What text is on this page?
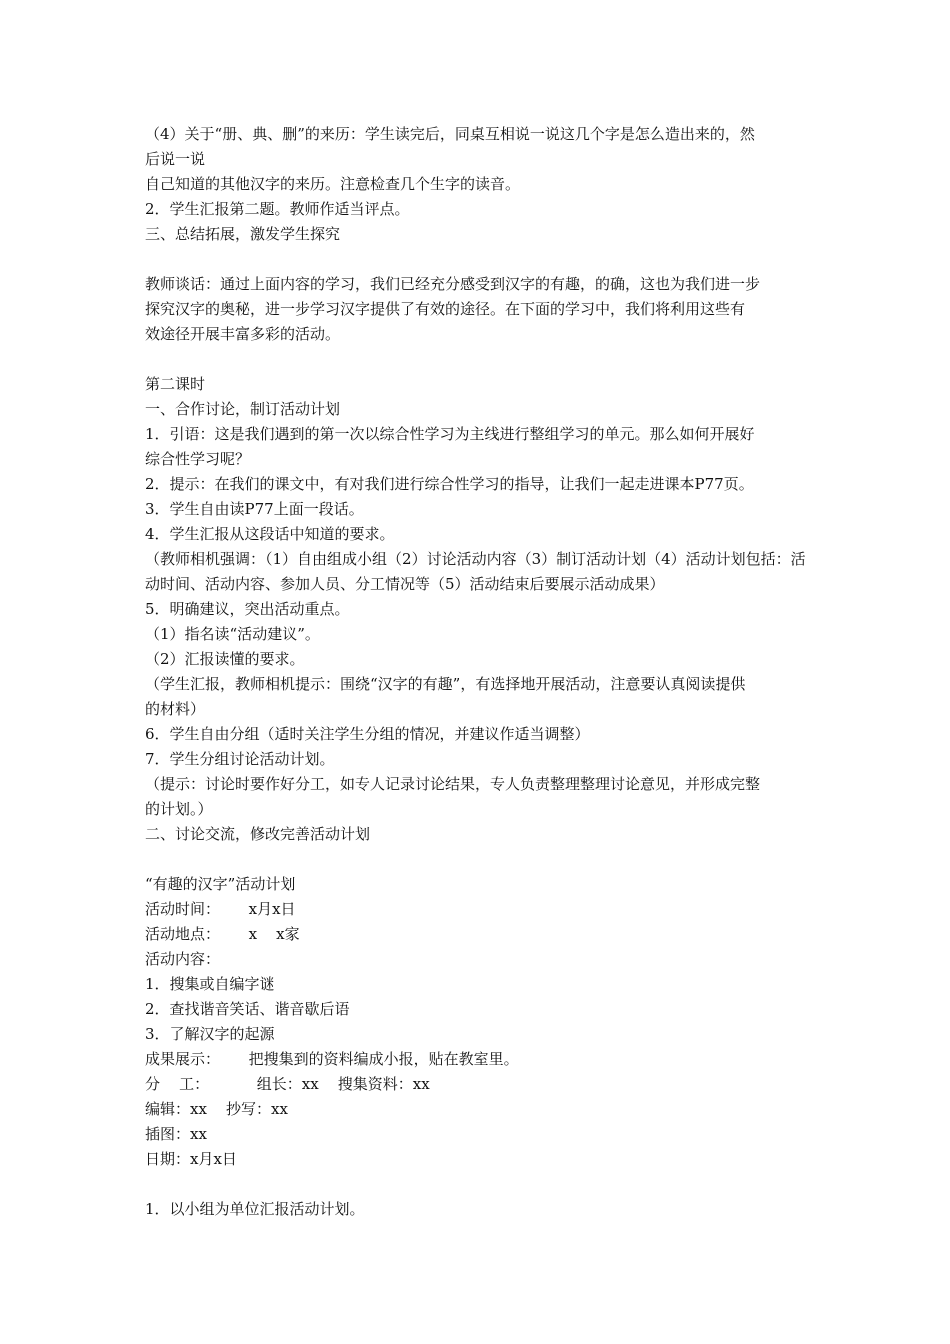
（4）关于“册、典、删”的来历：学生读完后，同桌互相说一说这几个字是怎么造出来的，然
后说一说
自己知道的其他汉字的来历。注意检查几个生字的读音。
2．学生汇报第二题。教师作适当评点。
三、总结拓展，激发学生探究
教师谈话：通过上面内容的学习，我们已经充分感受到汉字的有趣，的确，这也为我们进一步
探究汉字的奥秘，进一步学习汉字提供了有效的途径。在下面的学习中，我们将利用这些有
效途径开展丰富多彩的活动。
第二课时
一、合作讨论，制订活动计划
1．引语：这是我们遇到的第一次以综合性学习为主线进行整组学习的单元。那么如何开展好
综合性学习呢？
2．提示：在我们的课文中，有对我们进行综合性学习的指导，让我们一起走进课本P77页。
3．学生自由读P77上面一段话。
4．学生汇报从这段话中知道的要求。
（教师相机强调：（1）自由组成小组（2）讨论活动内容（3）制订活动计划（4）活动计划包括：活
动时间、活动内容、参加人员、分工情况等（5）活动结束后要展示活动成果）
5．明确建议，突出活动重点。
（1）指名读“活动建议”。
（2）汇报读懂的要求。
（学生汇报，教师相机提示：围绕“汉字的有趣”，有选择地开展活动，注意要认真阅读提供
的材料）
6．学生自由分组（适时关注学生分组的情况，并建议作适当调整）
7．学生分组讨论活动计划。
（提示：讨论时要作好分工，如专人记录讨论结果，专人负责整理整理讨论意见，并形成完整
的计划。）
二、讨论交流，修改完善活动计划
“有趣的汉字”活动计划
活动时间：      x月x日
活动地点：      x    x家
活动内容：
1．搜集或自编字谜
2．查找谐音笑话、谐音歇后语
3．了解汉字的起源
成果展示：      把搜集到的资料编成小报，贴在教室里。
分    工：          组长：xx    搜集资料：xx
编辑：xx    抄写：xx
插图：xx
日期：x月x日
1．以小组为单位汇报活动计划。
